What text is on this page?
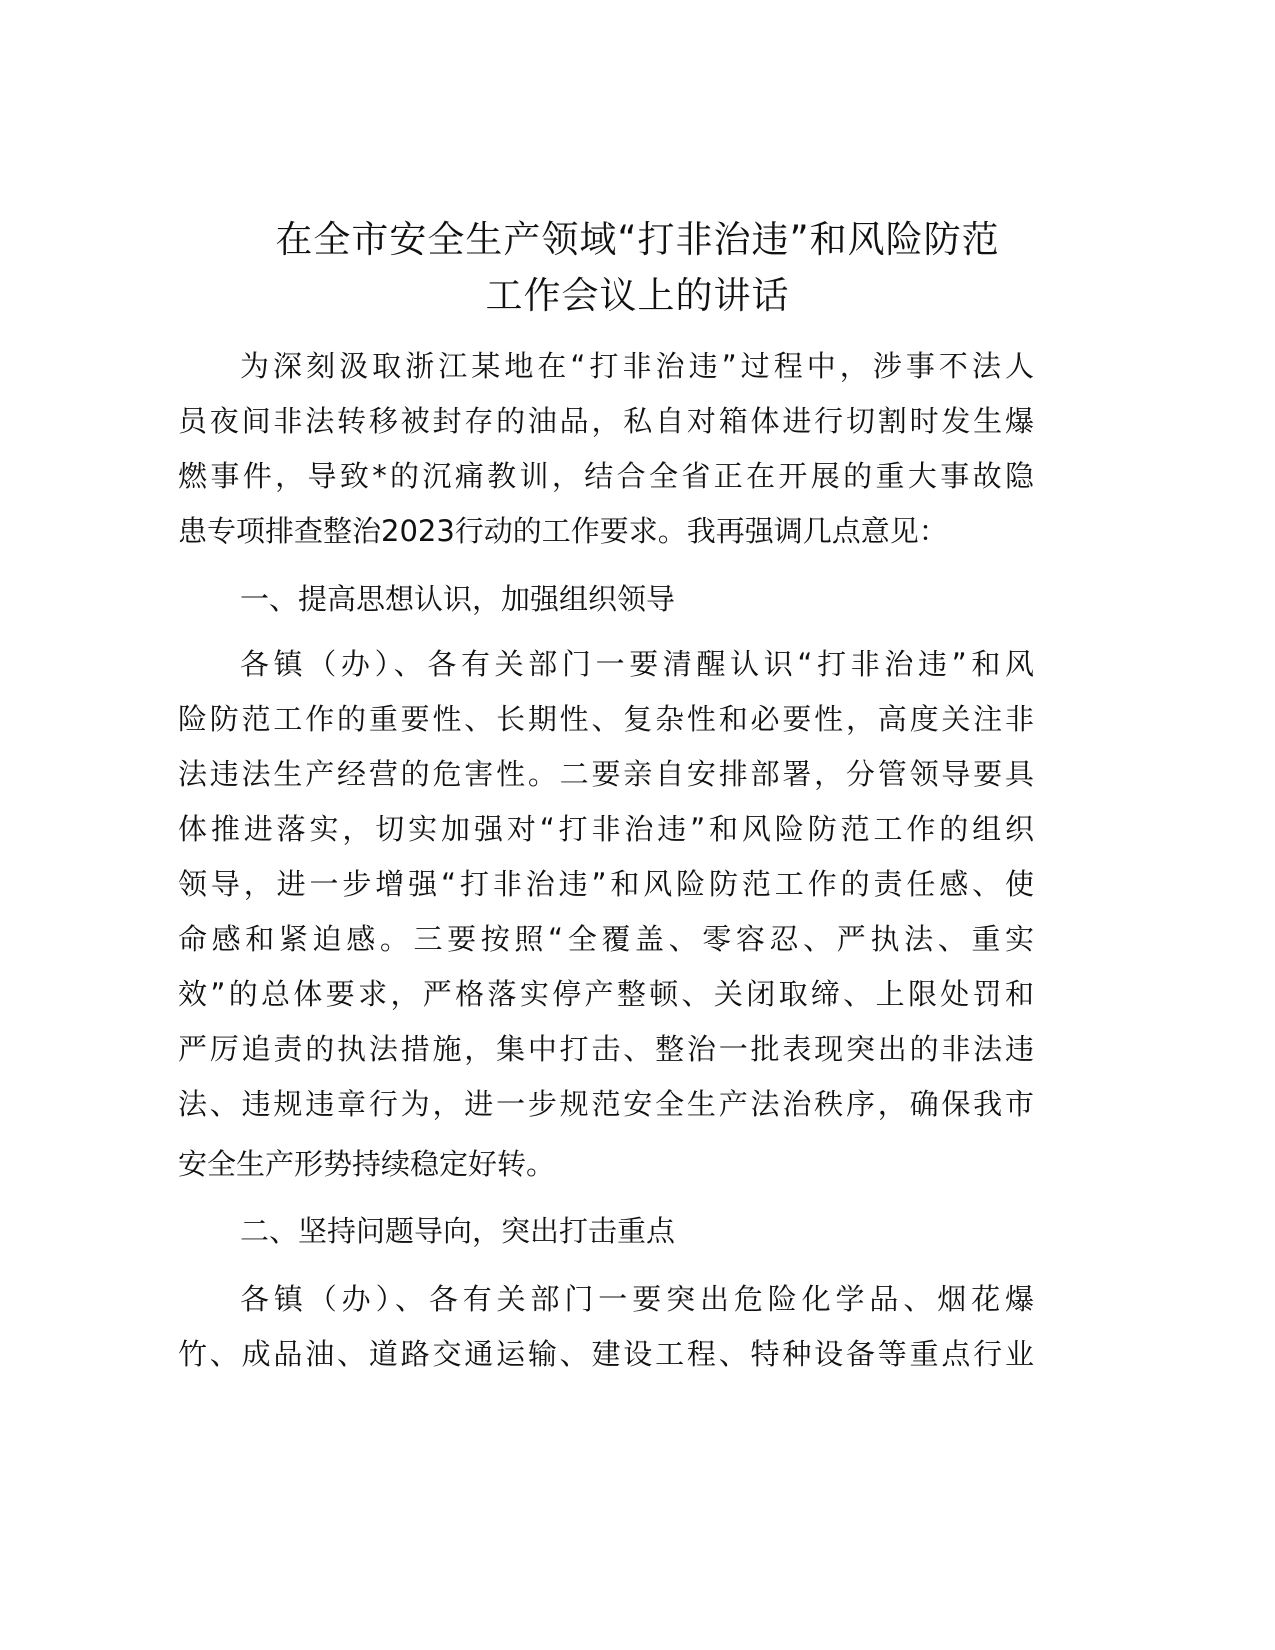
在全市安全生产领域“打非治违”和风险防范
工作会议上的讲话
为深刻汲取浙江某地在“打非治违”过程中，涉事不法人
员夜间非法转移被封存的油品，私自对箱体进行切割时发生爆
燃事件，导致*的沉痛教训，结合全省正在开展的重大事故隐
患专项排查整治2023行动的工作要求。我再强调几点意见：
一、提高思想认识，加强组织领导
各镇（办）、各有关部门一要清醒认识“打非治违”和风
险防范工作的重要性、长期性、复杂性和必要性，高度关注非
法违法生产经营的危害性。二要亲自安排部署，分管领导要具
体推进落实，切实加强对“打非治违”和风险防范工作的组织
领导，进一步增强“打非治违”和风险防范工作的责任感、使
命感和紧迫感。三要按照“全覆盖、零容忍、严执法、重实
效”的总体要求，严格落实停产整顿、关闭取缔、上限处罚和
严厉追责的执法措施，集中打击、整治一批表现突出的非法违
法、违规违章行为，进一步规范安全生产法治秩序，确保我市
安全生产形势持续稳定好转。
二、坚持问题导向，突出打击重点
各镇（办）、各有关部门一要突出危险化学品、烟花爆
竹、成品油、道路交通运输、建设工程、特种设备等重点行业
